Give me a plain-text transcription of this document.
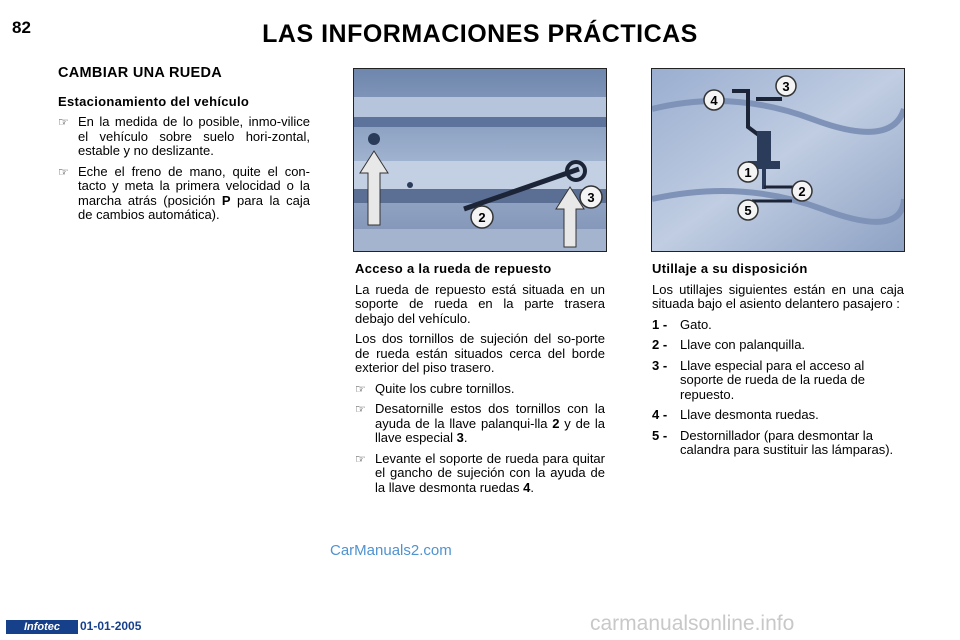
82	LAS INFORMACIONES PRÁCTICAS
CAMBIAR UNA RUEDA
Estacionamiento del vehículo
☞ En la medida de lo posible, inmo-vilice el vehículo sobre suelo hori-zontal, estable y no deslizante.
☞ Eche el freno de mano, quite el con-tacto y meta la primera velocidad o la marcha atrás (posición P para la caja de cambios automática).	2
3
3
4
1
2
5
Acceso a la rueda de repuesto

La rueda de repuesto está situada en un soporte de rueda en la parte trasera debajo del vehículo.

Los dos tornillos de sujeción del so-porte de rueda están situados cerca del borde exterior del piso trasero.

☞ Quite los cubre tornillos.
☞ Desatornille estos dos tornillos con la ayuda de la llave palanqui-lla 2 y de la llave especial 3.
☞ Levante el soporte de rueda para quitar el gancho de sujeción con la ayuda de la llave desmonta ruedas 4.
Utillaje a su disposición

Los utillajes siguientes están en una caja situada bajo el asiento delantero pasajero :

1 - Gato.
2 - Llave con palanquilla.
3 - Llave especial para el acceso al soporte de rueda de la rueda de repuesto.
4 - Llave desmonta ruedas.
5 - Destornillador (para desmontar la calandra para sustituir las lámparas).
CarManuals2.com
Infotec	01-01-2005	carmanualsonline.info
